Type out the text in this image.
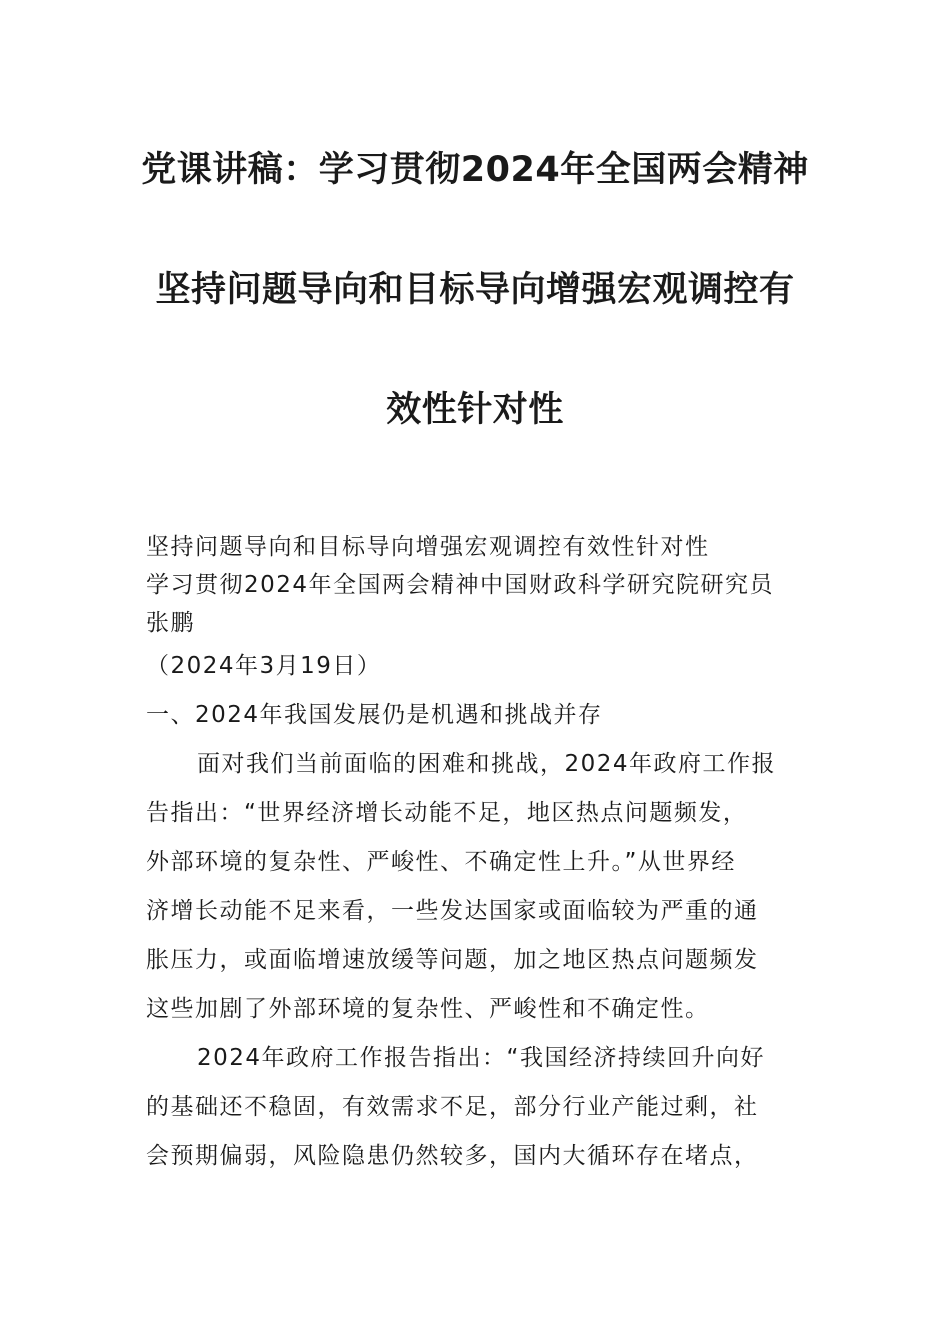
党课讲稿：学习贯彻2024年全国两会精神
坚持问题导向和目标导向增强宏观调控有
效性针对性
坚持问题导向和目标导向增强宏观调控有效性针对性
学习贯彻2024年全国两会精神中国财政科学研究院研究员
张鹏
（2024年3月19日）
一、2024年我国发展仍是机遇和挑战并存
面对我们当前面临的困难和挑战，2024年政府工作报
告指出：“世界经济增长动能不足，地区热点问题频发，
外部环境的复杂性、严峻性、不确定性上升。”从世界经
济增长动能不足来看，一些发达国家或面临较为严重的通
胀压力，或面临增速放缓等问题，加之地区热点问题频发
这些加剧了外部环境的复杂性、严峻性和不确定性。
2024年政府工作报告指出：“我国经济持续回升向好
的基础还不稳固，有效需求不足，部分行业产能过剩，社
会预期偏弱，风险隐患仍然较多，国内大循环存在堵点，
